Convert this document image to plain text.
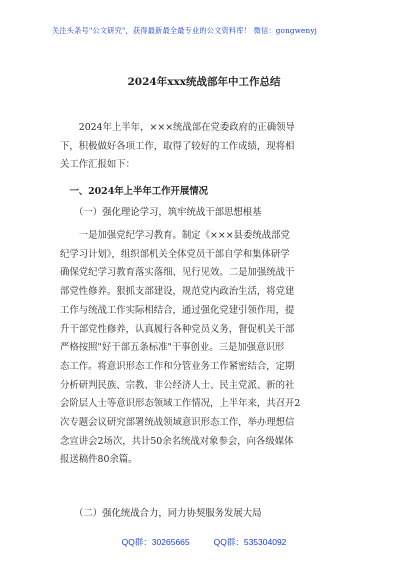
关注头条号"公文研究"，获得最新最全最专业的公文资料库！ 微信：gongwenyj
2024年xxx统战部年中工作总结
　　2024年上半年，×××统战部在党委政府的正确领导
下，积极做好各项工作，取得了较好的工作成绩，现将相
关工作汇报如下：
　一、2024年上半年工作开展情况
　　（一）强化理论学习，筑牢统战干部思想根基
　　一是加强党纪学习教育。制定《×××县委统战部党
纪学习计划》，组织部机关全体党员干部自学和集体研学
确保党纪学习教育落实落细、见行见效。二是加强统战干
部党性修养。狠抓支部建设，规范党内政治生活，将党建
工作与统战工作实际相结合，通过强化党建引领作用，提
升干部党性修养，认真履行各种党员义务，督促机关干部
严格按照"好干部五条标准"干事创业。三是加强意识形
态工作。将意识形态工作和分管业务工作紧密结合，定期
分析研判民族、宗教、非公经济人士、民主党派、新的社
会阶层人士等意识形态领域工作情况，上半年来，共召开2
次专题会议研究部署统战领域意识形态工作，举办理想信
念宣讲会2场次，共计50余名统战对象参会，向各级媒体
报送稿件80余篇。
　　（二）强化统战合力，同力协契服务发展大局
QQ群：30265665	QQ群：535304092
